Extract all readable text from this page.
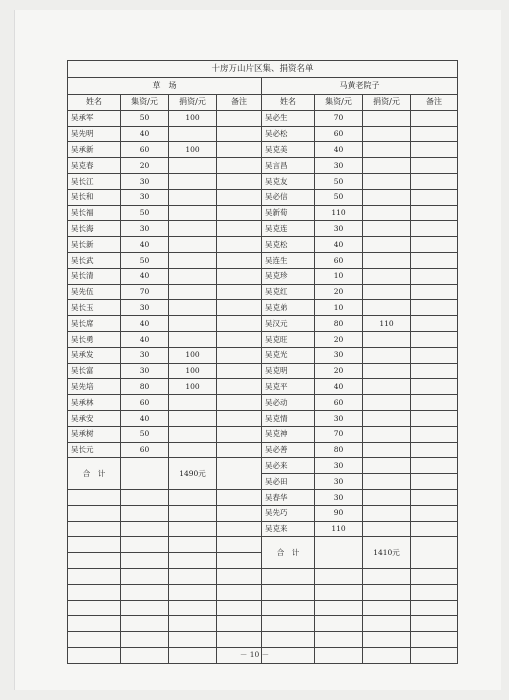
十房万山片区集、捐资名单							
草　场				马黄老院子			
姓名	集资/元	捐资/元	备注	姓名	集资/元	捐资/元	备注
吴承军	50	100		吴必生	70		
吴先明	40			吴必松	60		
吴承新	60	100		吴克美	40		
吴克春	20			吴言昌	30		
吴长江	30			吴克友	50		
吴长和	30			吴必信	50		
吴长福	50			吴新荀	110		
吴长海	30			吴克连	30		
吴长新	40			吴克松	40		
吴长武	50			吴连生	60		
吴长清	40			吴克珍	10		
吴先伍	70			吴克红	20		
吴长玉	30			吴克弟	10		
吴长席	40			吴汉元	80	110	
吴长勇	40			吴克旺	20		
吴承发	30	100		吴克光	30		
吴长富	30	100		吴克明	20		
吴先培	80	100		吴克平	40		
吴承林	60			吴必动	60		
吴承安	40			吴克情	30		
吴承树	50			吴克神	70		
吴长元	60			吴必善	80		
合　计		1490元		吴必来	30		
				吴必田	30		
				吴春华	30		
				吴先巧	90		
				吴克来	110		
				合　计		1410元	

－ 10 －
